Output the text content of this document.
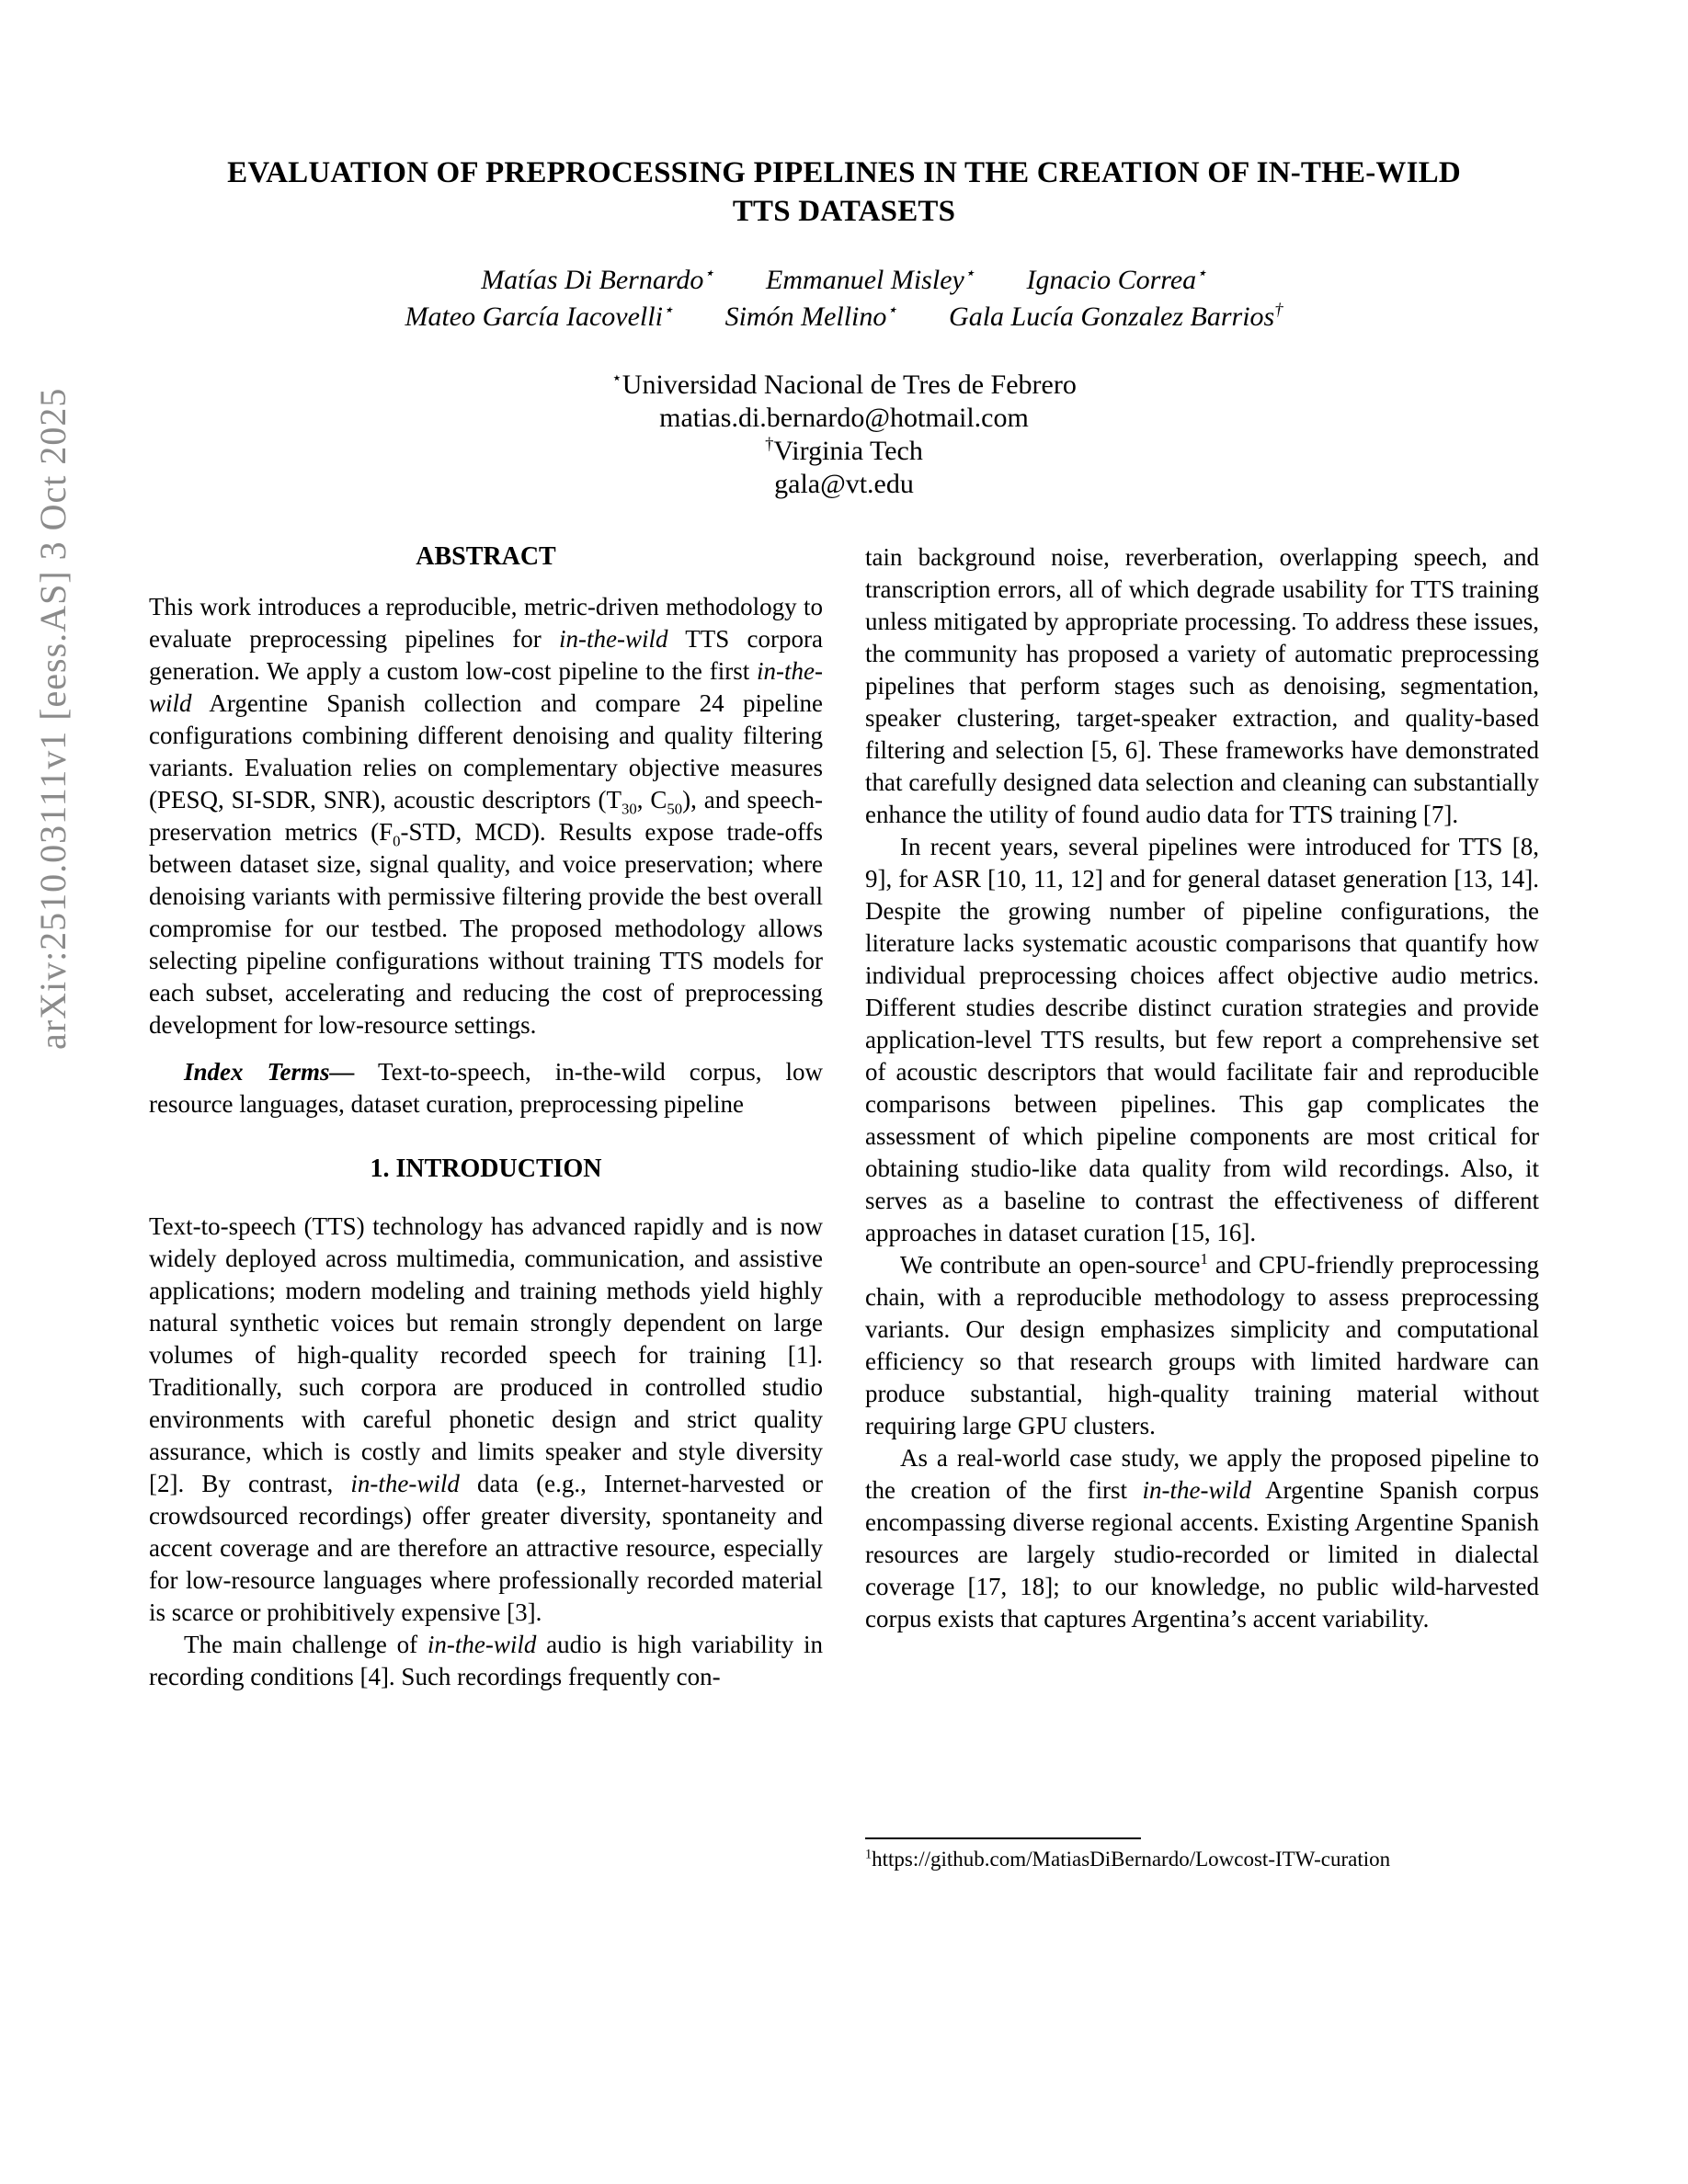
arXiv:2510.03111v1 [eess.AS] 3 Oct 2025
EVALUATION OF PREPROCESSING PIPELINES IN THE CREATION OF IN-THE-WILD
TTS DATASETS
Matías Di Bernardo⋆ Emmanuel Misley⋆ Ignacio Correa⋆
Mateo García Iacovelli⋆ Simón Mellino⋆ Gala Lucía Gonzalez Barrios†
⋆Universidad Nacional de Tres de Febrero
matias.di.bernardo@hotmail.com
†Virginia Tech
gala@vt.edu
ABSTRACT

This work introduces a reproducible, metric-driven methodology to evaluate preprocessing pipelines for in-the-wild TTS corpora generation. We apply a custom low-cost pipeline to the first in-the-wild Argentine Spanish collection and compare 24 pipeline configurations combining different denoising and quality filtering variants. Evaluation relies on complementary objective measures (PESQ, SI-SDR, SNR), acoustic descriptors ($T_{30}$, $C_{50}$), and speech-preservation metrics ($F_0$-STD, MCD). Results expose trade-offs between dataset size, signal quality, and voice preservation; where denoising variants with permissive filtering provide the best overall compromise for our testbed. The proposed methodology allows selecting pipeline configurations without training TTS models for each subset, accelerating and reducing the cost of preprocessing development for low-resource settings.

Index Terms— Text-to-speech, in-the-wild corpus, low resource languages, dataset curation, preprocessing pipeline

1. INTRODUCTION

Text-to-speech (TTS) technology has advanced rapidly and is now widely deployed across multimedia, communication, and assistive applications; modern modeling and training methods yield highly natural synthetic voices but remain strongly dependent on large volumes of high-quality recorded speech for training [1]. Traditionally, such corpora are produced in controlled studio environments with careful phonetic design and strict quality assurance, which is costly and limits speaker and style diversity [2]. By contrast, in-the-wild data (e.g., Internet-harvested or crowdsourced recordings) offer greater diversity, spontaneity and accent coverage and are therefore an attractive resource, especially for low-resource languages where professionally recorded material is scarce or prohibitively expensive [3].

The main challenge of in-the-wild audio is high variability in recording conditions [4]. Such recordings frequently con-

tain background noise, reverberation, overlapping speech, and transcription errors, all of which degrade usability for TTS training unless mitigated by appropriate processing. To address these issues, the community has proposed a variety of automatic preprocessing pipelines that perform stages such as denoising, segmentation, speaker clustering, target-speaker extraction, and quality-based filtering and selection [5, 6]. These frameworks have demonstrated that carefully designed data selection and cleaning can substantially enhance the utility of found audio data for TTS training [7].

In recent years, several pipelines were introduced for TTS [8, 9], for ASR [10, 11, 12] and for general dataset generation [13, 14]. Despite the growing number of pipeline configurations, the literature lacks systematic acoustic comparisons that quantify how individual preprocessing choices affect objective audio metrics. Different studies describe distinct curation strategies and provide application-level TTS results, but few report a comprehensive set of acoustic descriptors that would facilitate fair and reproducible comparisons between pipelines. This gap complicates the assessment of which pipeline components are most critical for obtaining studio-like data quality from wild recordings. Also, it serves as a baseline to contrast the effectiveness of different approaches in dataset curation [15, 16].

We contribute an open-source$^1$ and CPU-friendly preprocessing chain, with a reproducible methodology to assess preprocessing variants. Our design emphasizes simplicity and computational efficiency so that research groups with limited hardware can produce substantial, high-quality training material without requiring large GPU clusters.

As a real-world case study, we apply the proposed pipeline to the creation of the first in-the-wild Argentine Spanish corpus encompassing diverse regional accents. Existing Argentine Spanish resources are largely studio-recorded or limited in dialectal coverage [17, 18]; to our knowledge, no public wild-harvested corpus exists that captures Argentina’s accent variability.

$^1$https://github.com/MatiasDiBernardo/Lowcost-ITW-curation
